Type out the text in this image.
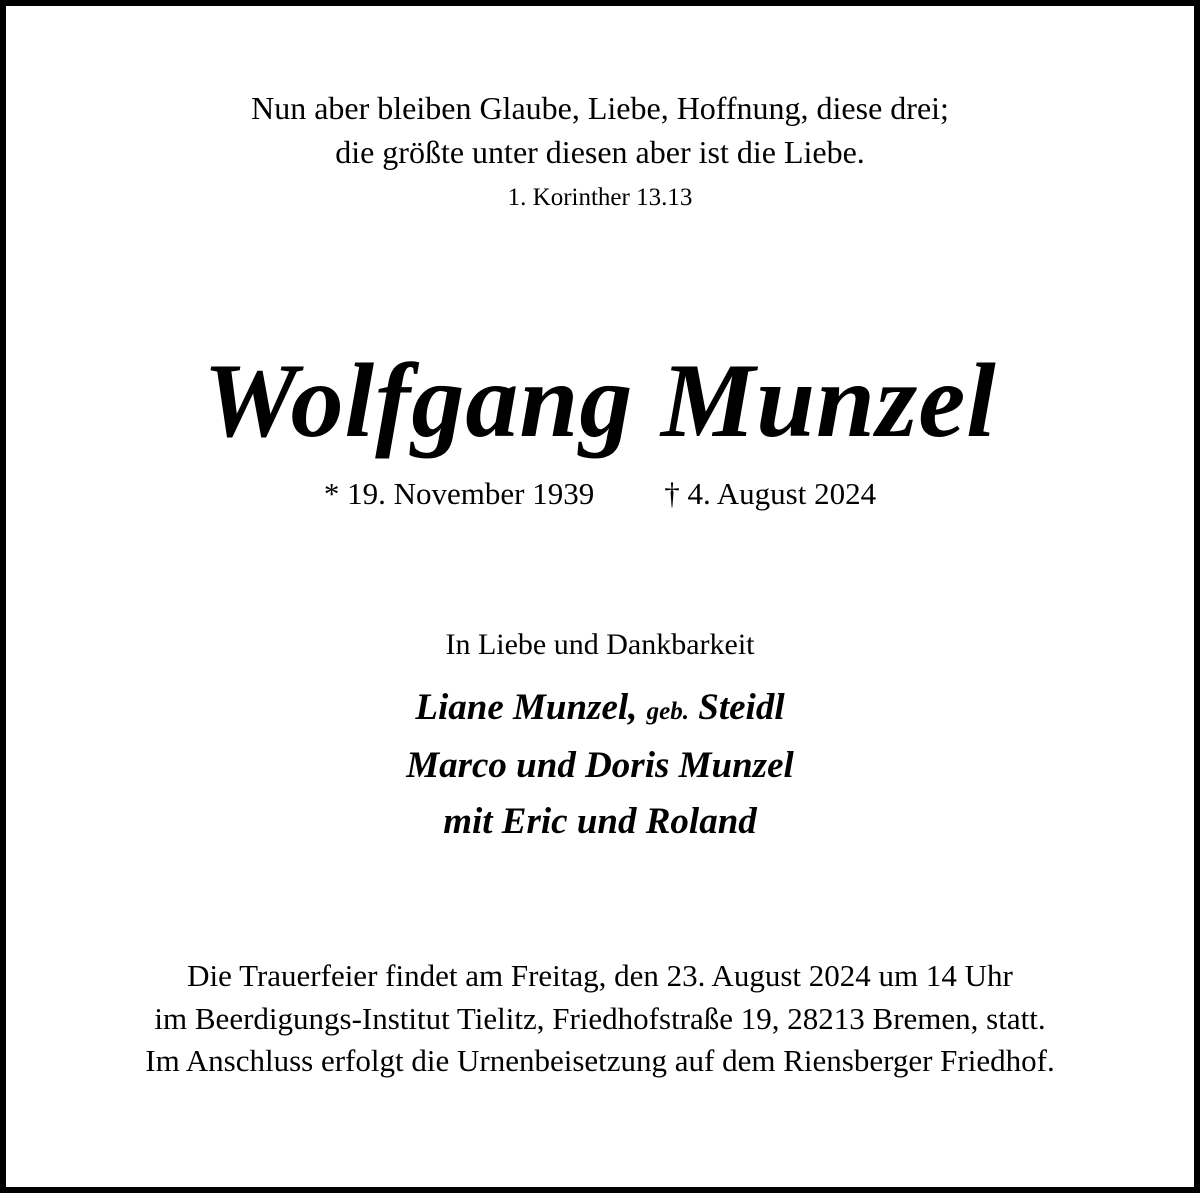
Nun aber bleiben Glaube, Liebe, Hoffnung, diese drei;
die größte unter diesen aber ist die Liebe.
1. Korinther 13.13
Wolfgang Munzel
* 19. November 1939 † 4. August 2024
In Liebe und Dankbarkeit
Liane Munzel, geb. Steidl
Marco und Doris Munzel
mit Eric und Roland
Die Trauerfeier findet am Freitag, den 23. August 2024 um 14 Uhr
im Beerdigungs-Institut Tielitz, Friedhofstraße 19, 28213 Bremen, statt.
Im Anschluss erfolgt die Urnenbeisetzung auf dem Riensberger Friedhof.
